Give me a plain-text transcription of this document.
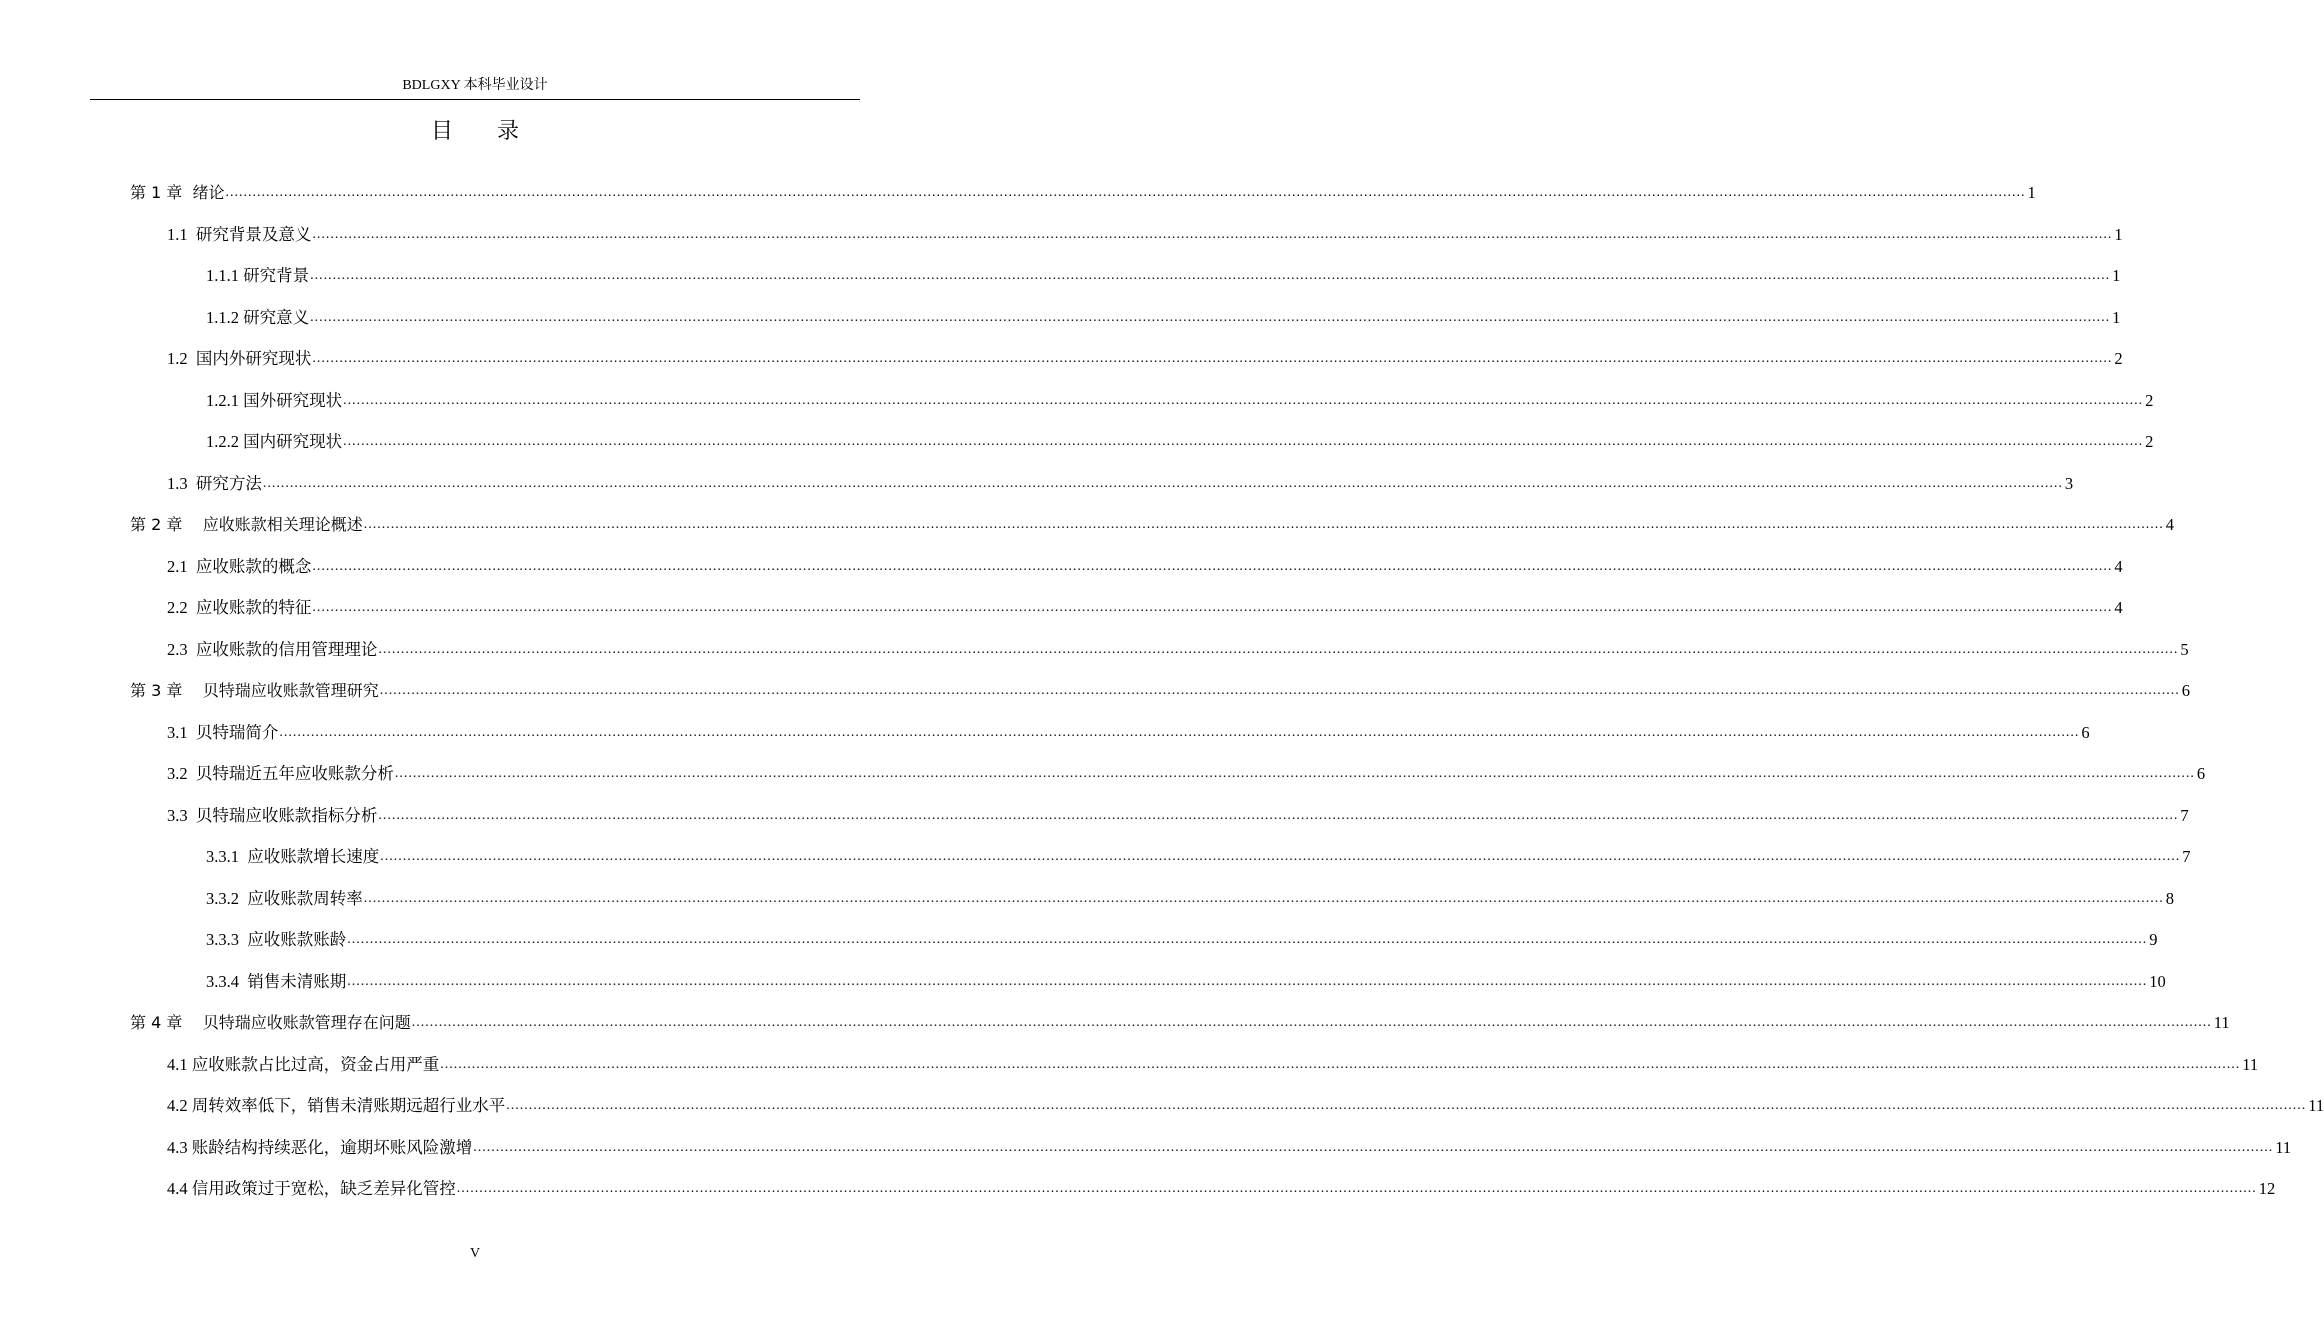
BDLGXY 本科毕业设计
目录
第 1 章  绪论 ................................................................................................................................................................................................................................................................................................................................................................................................................ 1
1.1  研究背景及意义 ................................................................................................................................................................................................................................................................................................................................................................................................................ 1
1.1.1 研究背景 ................................................................................................................................................................................................................................................................................................................................................................................................................ 1
1.1.2 研究意义 ................................................................................................................................................................................................................................................................................................................................................................................................................ 1
1.2  国内外研究现状 ................................................................................................................................................................................................................................................................................................................................................................................................................ 2
1.2.1 国外研究现状 ................................................................................................................................................................................................................................................................................................................................................................................................................ 2
1.2.2 国内研究现状 ................................................................................................................................................................................................................................................................................................................................................................................................................ 2
1.3  研究方法 ................................................................................................................................................................................................................................................................................................................................................................................................................ 3
第 2 章    应收账款相关理论概述 ................................................................................................................................................................................................................................................................................................................................................................................................................ 4
2.1  应收账款的概念 ................................................................................................................................................................................................................................................................................................................................................................................................................ 4
2.2  应收账款的特征 ................................................................................................................................................................................................................................................................................................................................................................................................................ 4
2.3  应收账款的信用管理理论 ................................................................................................................................................................................................................................................................................................................................................................................................................ 5
第 3 章    贝特瑞应收账款管理研究 ................................................................................................................................................................................................................................................................................................................................................................................................................ 6
3.1  贝特瑞简介 ................................................................................................................................................................................................................................................................................................................................................................................................................ 6
3.2  贝特瑞近五年应收账款分析 ................................................................................................................................................................................................................................................................................................................................................................................................................ 6
3.3  贝特瑞应收账款指标分析 ................................................................................................................................................................................................................................................................................................................................................................................................................ 7
3.3.1  应收账款增长速度 ................................................................................................................................................................................................................................................................................................................................................................................................................ 7
3.3.2  应收账款周转率 ................................................................................................................................................................................................................................................................................................................................................................................................................ 8
3.3.3  应收账款账龄 ................................................................................................................................................................................................................................................................................................................................................................................................................ 9
3.3.4  销售未清账期 ................................................................................................................................................................................................................................................................................................................................................................................................................ 10
第 4 章    贝特瑞应收账款管理存在问题 ................................................................................................................................................................................................................................................................................................................................................................................................................ 11
4.1 应收账款占比过高，资金占用严重 ................................................................................................................................................................................................................................................................................................................................................................................................................ 11
4.2 周转效率低下，销售未清账期远超行业水平 ................................................................................................................................................................................................................................................................................................................................................................................................................ 11
4.3 账龄结构持续恶化，逾期坏账风险激增 ................................................................................................................................................................................................................................................................................................................................................................................................................ 11
4.4 信用政策过于宽松，缺乏差异化管控 ................................................................................................................................................................................................................................................................................................................................................................................................................ 12
V
